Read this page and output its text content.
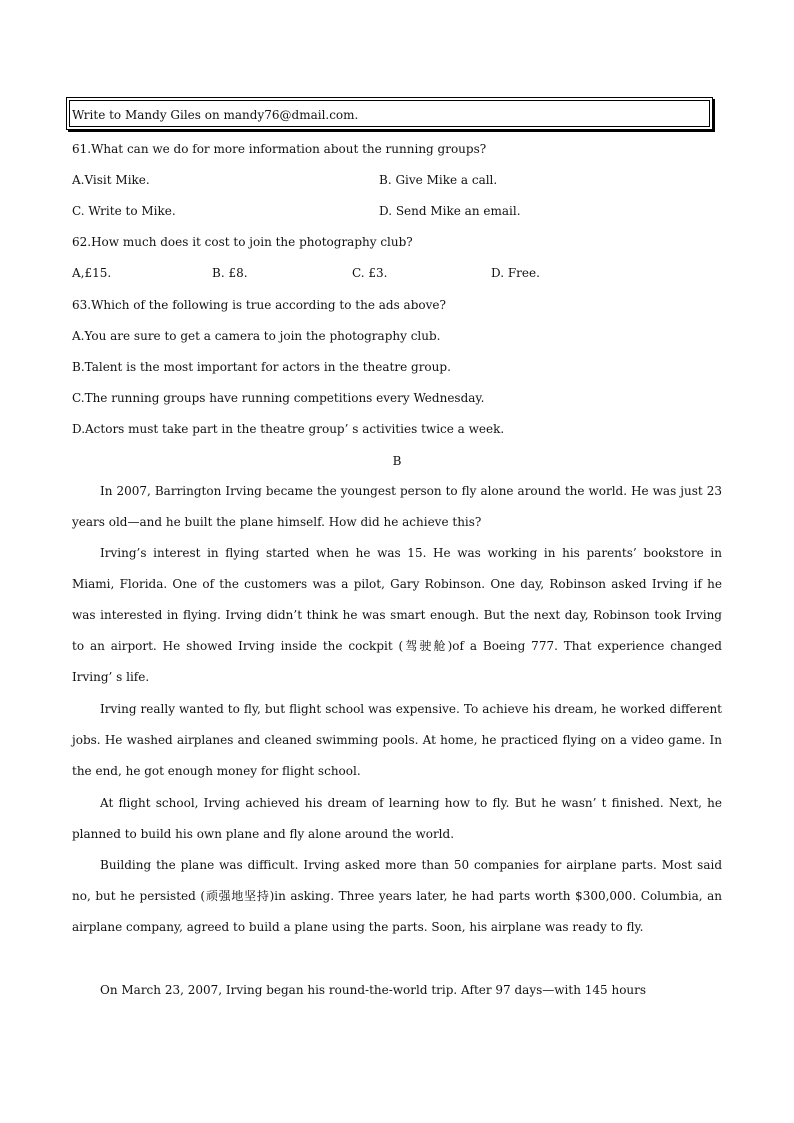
Write to Mandy Giles on mandy76@dmail.com.
61.What can we do for more information about the running groups?
A.Visit Mike.	B. Give Mike a call.
C. Write to Mike.	D. Send Mike an email.
62.How much does it cost to join the photography club?
A,£15.	B. £8.	C. £3.	D. Free.
63.Which of the following is true according to the ads above?
A.You are sure to get a camera to join the photography club.
B.Talent is the most important for actors in the theatre group.
C.The running groups have running competitions every Wednesday.
D.Actors must take part in the theatre group’ s activities twice a week.
B
In 2007, Barrington Irving became the youngest person to fly alone around the world. He was just 23 years old—and he built the plane himself. How did he achieve this?
Irving’s interest in flying started when he was 15. He was working in his parents’ bookstore in Miami, Florida. One of the customers was a pilot, Gary Robinson. One day, Robinson asked Irving if he was interested in flying. Irving didn’t think he was smart enough. But the next day, Robinson took Irving to an airport. He showed Irving inside the cockpit (驾驶舱)of a Boeing 777. That experience changed Irving’ s life.
Irving really wanted to fly, but flight school was expensive. To achieve his dream, he worked different jobs. He washed airplanes and cleaned swimming pools. At home, he practiced flying on a video game. In the end, he got enough money for flight school.
At flight school, Irving achieved his dream of learning how to fly. But he wasn’ t finished. Next, he planned to build his own plane and fly alone around the world.
Building the plane was difficult. Irving asked more than 50 companies for airplane parts. Most said no, but he persisted (顽强地坚持)in asking. Three years later, he had parts worth $300,000. Columbia, an airplane company, agreed to build a plane using the parts. Soon, his airplane was ready to fly.
On March 23, 2007, Irving began his round-the-world trip. After 97 days—with 145 hours
